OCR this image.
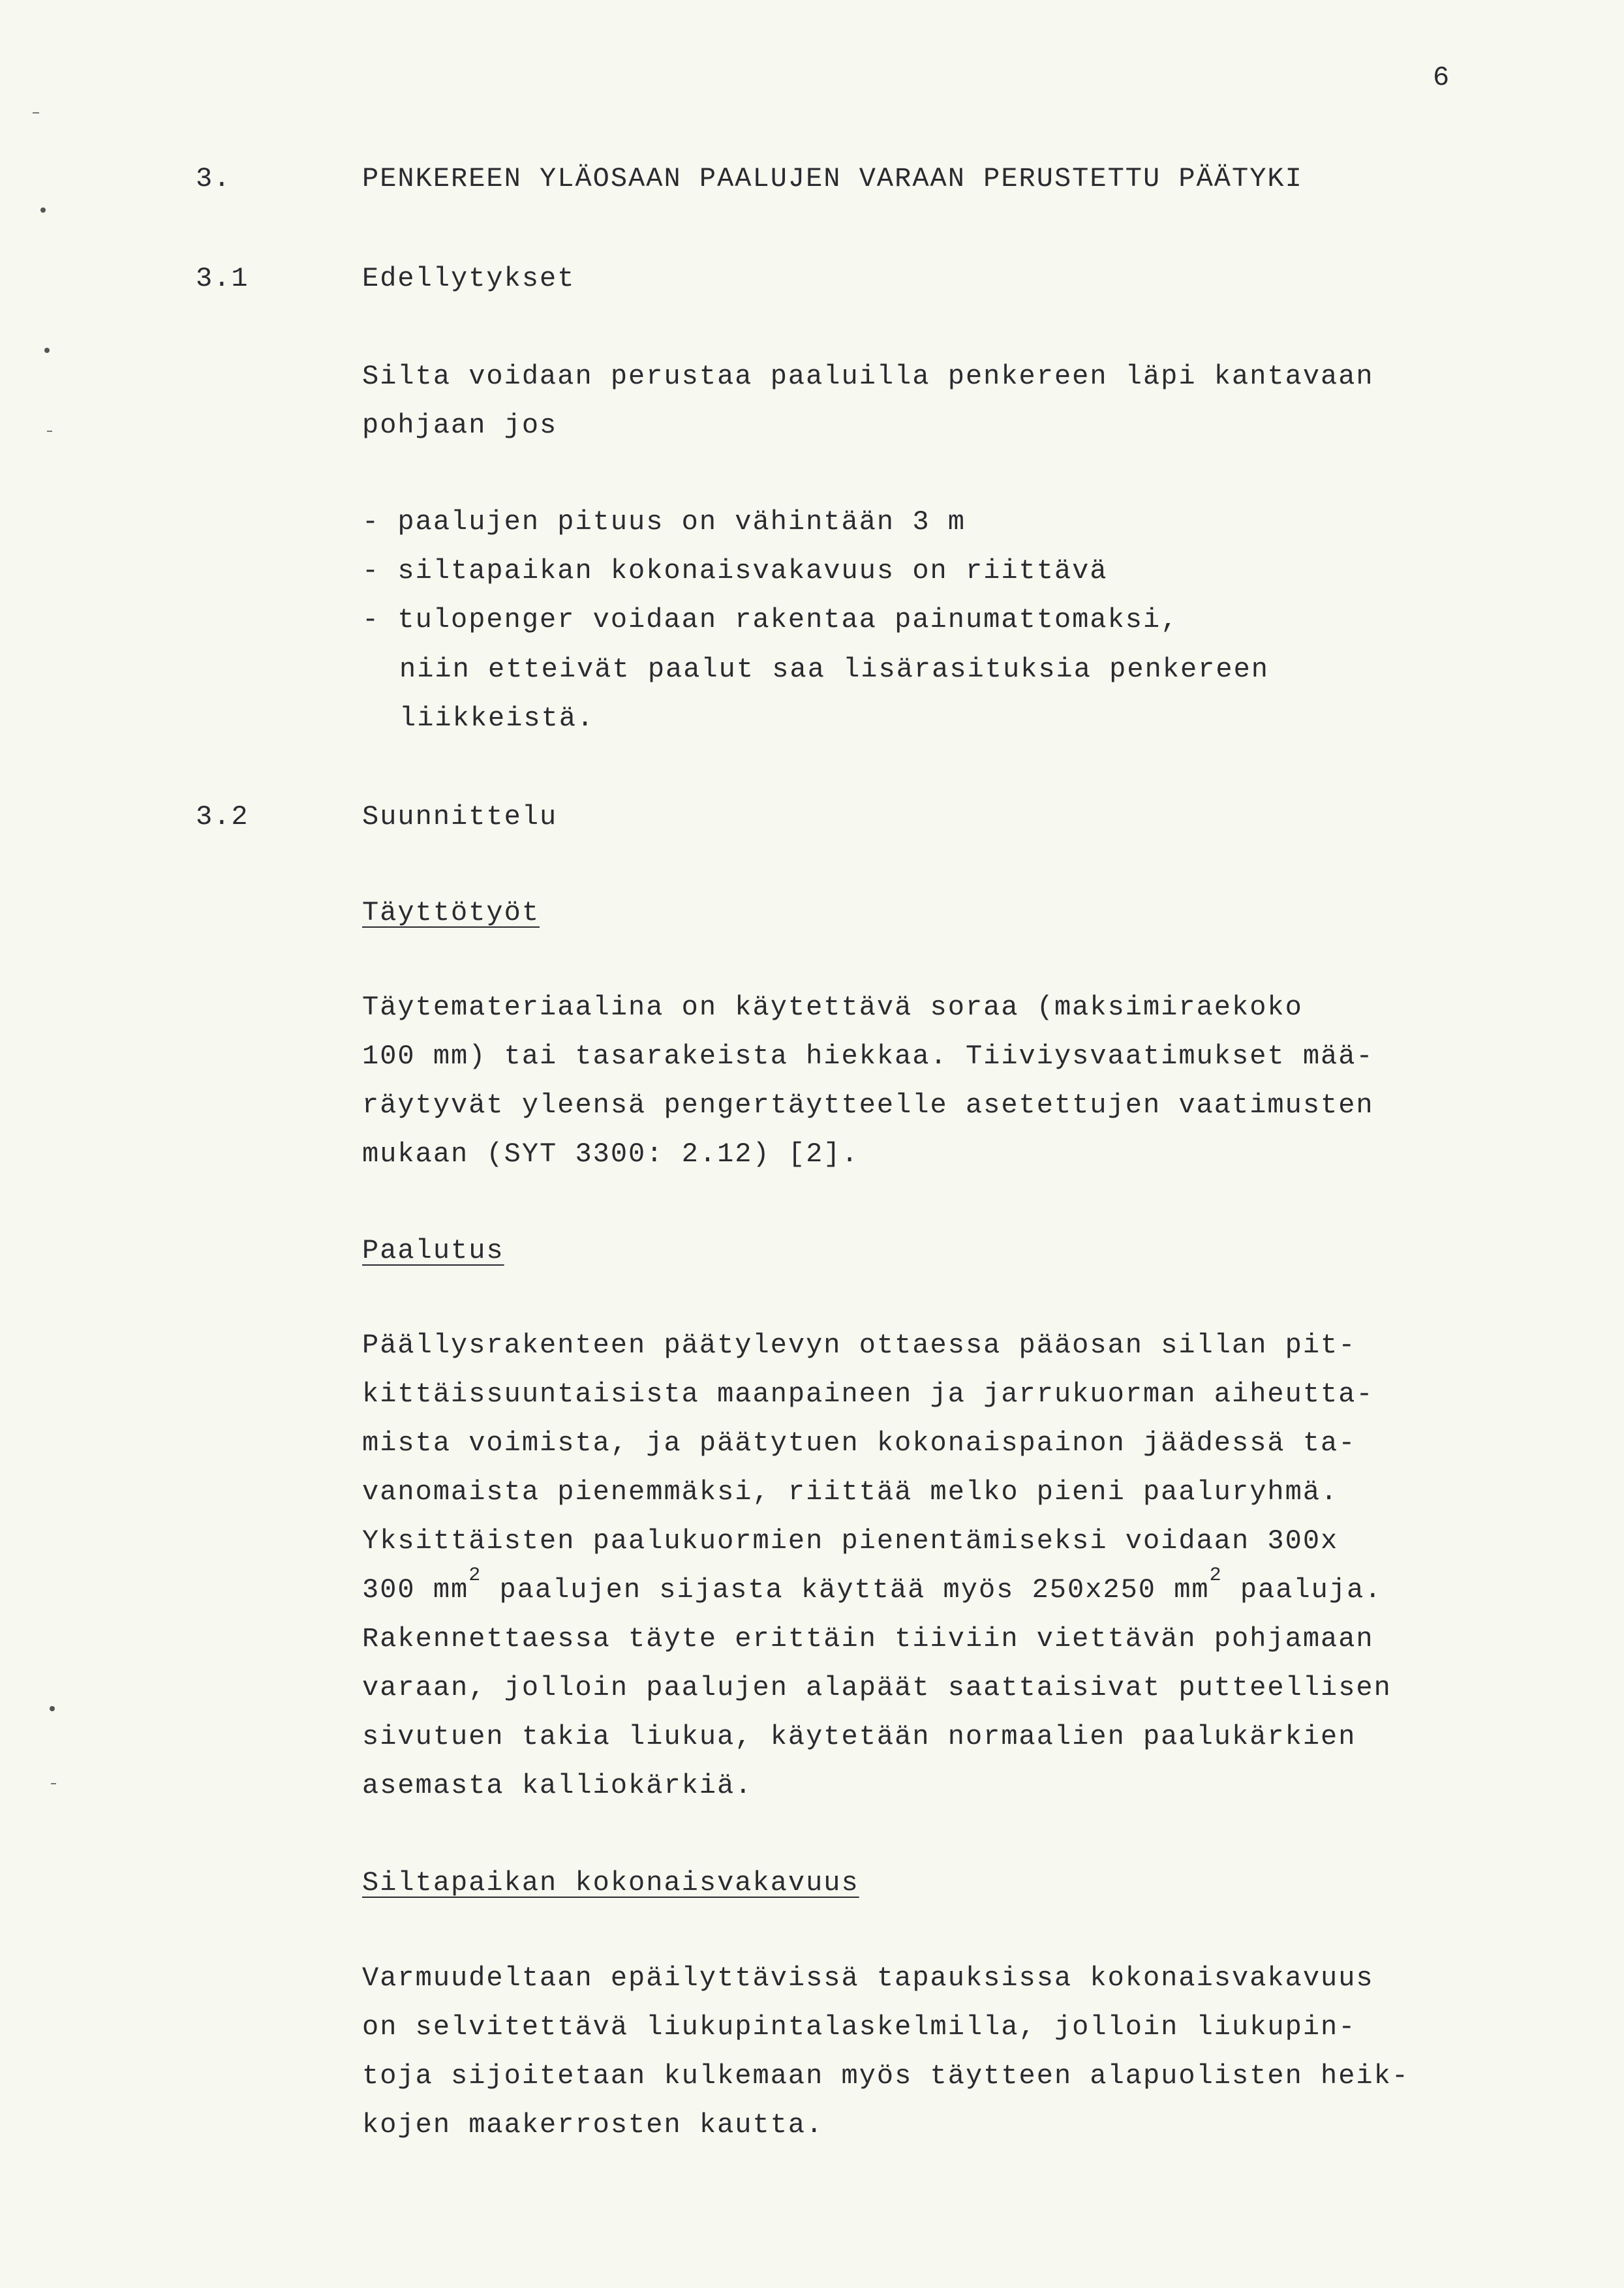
6
3.	PENKEREEN YLÄOSAAN PAALUJEN VARAAN PERUSTETTU PÄÄTYKI
3.1	Edellytykset
Silta voidaan perustaa paaluilla penkereen läpi kantavaan
pohjaan jos
- paalujen pituus on vähintään 3 m
- siltapaikan kokonaisvakavuus on riittävä
- tulopenger voidaan rakentaa painumattomaksi,
niin etteivät paalut saa lisärasituksia penkereen
liikkeistä.
3.2	Suunnittelu
Täyttötyöt
Täytemateriaalina on käytettävä soraa (maksimiraekoko
100 mm) tai tasarakeista hiekkaa. Tiiviysvaatimukset mää-
räytyvät yleensä pengertäytteelle asetettujen vaatimusten
mukaan (SYT 3300: 2.12) [2].
Paalutus
Päällysrakenteen päätylevyn ottaessa pääosan sillan pit-
kittäissuuntaisista maanpaineen ja jarrukuorman aiheutta-
mista voimista, ja päätytuen kokonaispainon jäädessä ta-
vanomaista pienemmäksi, riittää melko pieni paaluryhmä.
Yksittäisten paalukuormien pienentämiseksi voidaan 300x
300 $mm^2$ paalujen sijasta käyttää myös 250x250 $mm^2$ paaluja.
Rakennettaessa täyte erittäin tiiviin viettävän pohjamaan
varaan, jolloin paalujen alapäät saattaisivat putteellisen
sivutuen takia liukua, käytetään normaalien paalukärkien
asemasta kalliokärkiä.
Siltapaikan kokonaisvakavuus
Varmuudeltaan epäilyttävissä tapauksissa kokonaisvakavuus
on selvitettävä liukupintalaskelmilla, jolloin liukupin-
toja sijoitetaan kulkemaan myös täytteen alapuolisten heik-
kojen maakerrosten kautta.
